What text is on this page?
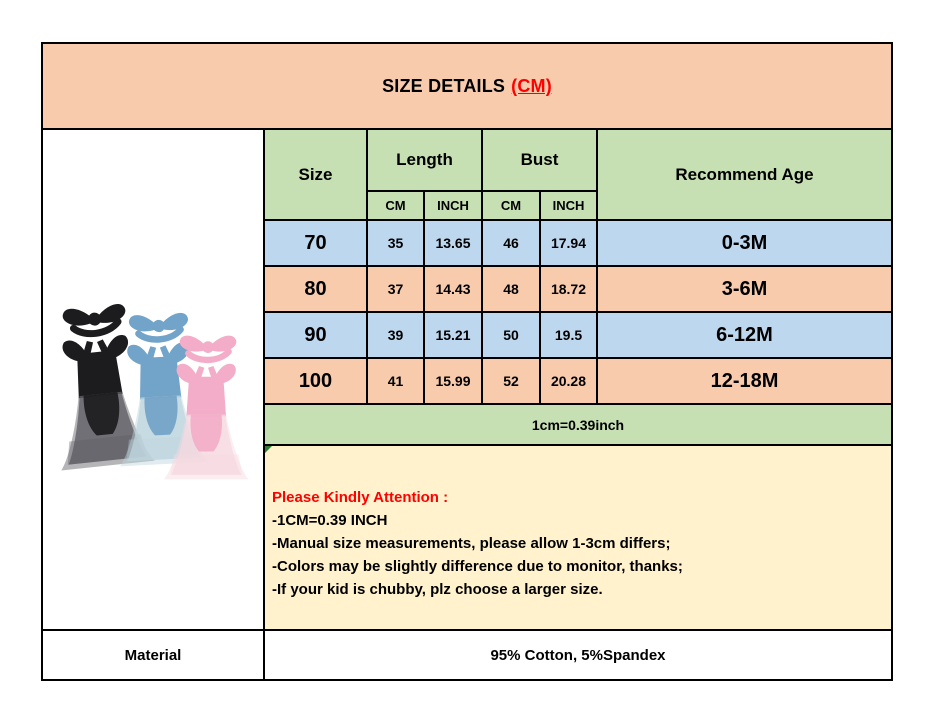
SIZE DETAILS (CM)
Size
Length	Bust
Recommend Age
CM	INCH	CM	INCH
70	35	13.65	46	17.94	0-3M
80	37	14.43	48	18.72	3-6M
90	39	15.21	50	19.5	6-12M
100	41	15.99	52	20.28	12-18M
1cm=0.39inch
Please Kindly Attention :
-1CM=0.39 INCH
-Manual size measurements, please allow 1-3cm differs;
-Colors may be slightly difference due to monitor, thanks;
-If your kid is chubby, plz choose a larger size.
Material	95% Cotton, 5%Spandex
